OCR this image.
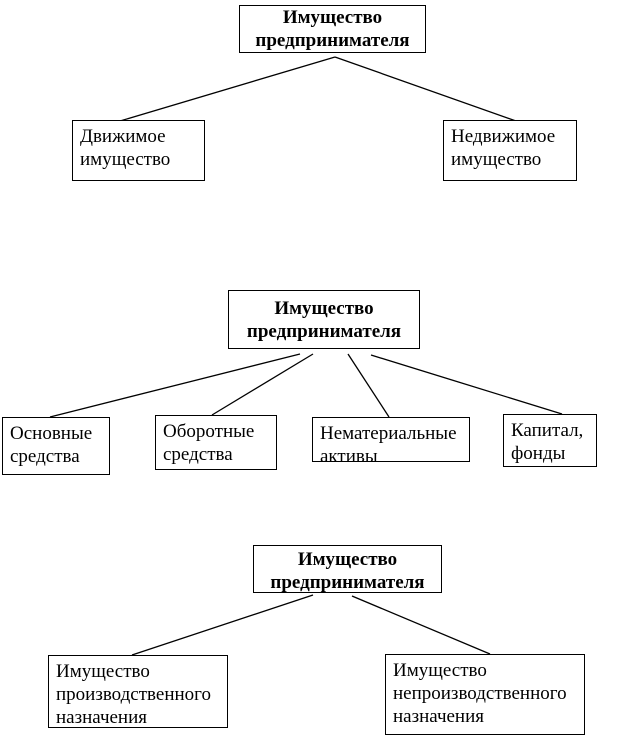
Имущество предпринимателя
Движимое имущество
Недвижимое имущество
Имущество предпринимателя
Основные средства
Оборотные средства
Нематериальные активы
Капитал, фонды
Имущество предпринимателя
Имущество производственного назначения
Имущество непроизводственного назначения
